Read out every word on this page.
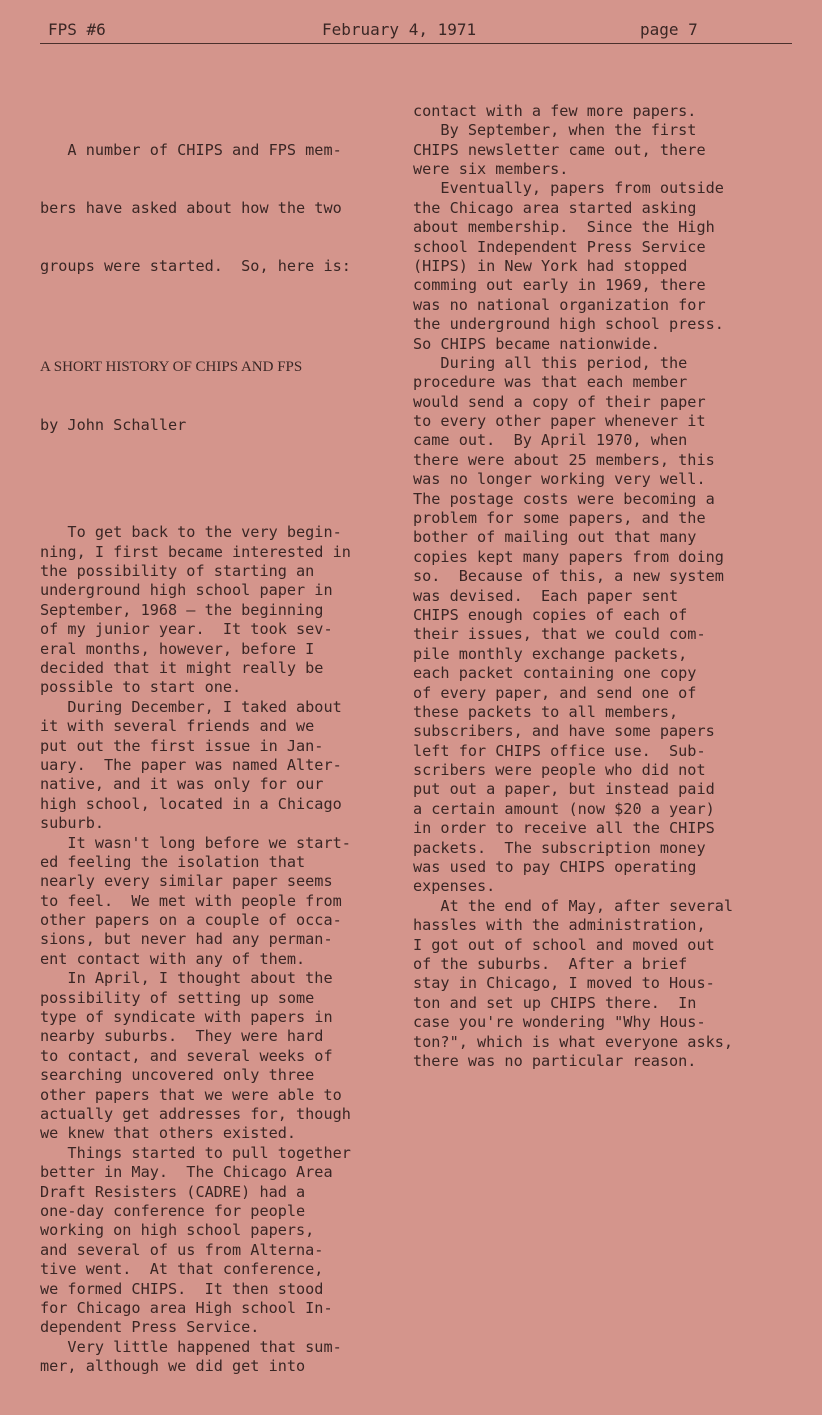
FPS #6	February 4, 1971	page 7

A number of CHIPS and FPS mem-

bers have asked about how the two

groups were started.  So, here is:

A SHORT HISTORY OF CHIPS AND FPS

by John Schaller

To get back to the very begin-
ning, I first became interested in
the possibility of starting an
underground high school paper in
September, 1968 — the beginning
of my junior year.  It took sev-
eral months, however, before I
decided that it might really be
possible to start one.
During December, I taked about
it with several friends and we
put out the first issue in Jan-
uary.  The paper was named Alter-
native, and it was only for our
high school, located in a Chicago
suburb.
It wasn't long before we start-
ed feeling the isolation that
nearly every similar paper seems
to feel.  We met with people from
other papers on a couple of occa-
sions, but never had any perman-
ent contact with any of them.
In April, I thought about the
possibility of setting up some
type of syndicate with papers in
nearby suburbs.  They were hard
to contact, and several weeks of
searching uncovered only three
other papers that we were able to
actually get addresses for, though
we knew that others existed.
Things started to pull together
better in May.  The Chicago Area
Draft Resisters (CADRE) had a
one-day conference for people
working on high school papers,
and several of us from Alterna-
tive went.  At that conference,
we formed CHIPS.  It then stood
for Chicago area High school In-
dependent Press Service.
Very little happened that sum-
mer, although we did get into

contact with a few more papers.
By September, when the first
CHIPS newsletter came out, there
were six members.
Eventually, papers from outside
the Chicago area started asking
about membership.  Since the High
school Independent Press Service
(HIPS) in New York had stopped
comming out early in 1969, there
was no national organization for
the underground high school press.
So CHIPS became nationwide.
During all this period, the
procedure was that each member
would send a copy of their paper
to every other paper whenever it
came out.  By April 1970, when
there were about 25 members, this
was no longer working very well.
The postage costs were becoming a
problem for some papers, and the
bother of mailing out that many
copies kept many papers from doing
so.  Because of this, a new system
was devised.  Each paper sent
CHIPS enough copies of each of
their issues, that we could com-
pile monthly exchange packets,
each packet containing one copy
of every paper, and send one of
these packets to all members,
subscribers, and have some papers
left for CHIPS office use.  Sub-
scribers were people who did not
put out a paper, but instead paid
a certain amount (now $20 a year)
in order to receive all the CHIPS
packets.  The subscription money
was used to pay CHIPS operating
expenses.
At the end of May, after several
hassles with the administration,
I got out of school and moved out
of the suburbs.  After a brief
stay in Chicago, I moved to Hous-
ton and set up CHIPS there.  In
case you're wondering "Why Hous-
ton?", which is what everyone asks,
there was no particular reason.
